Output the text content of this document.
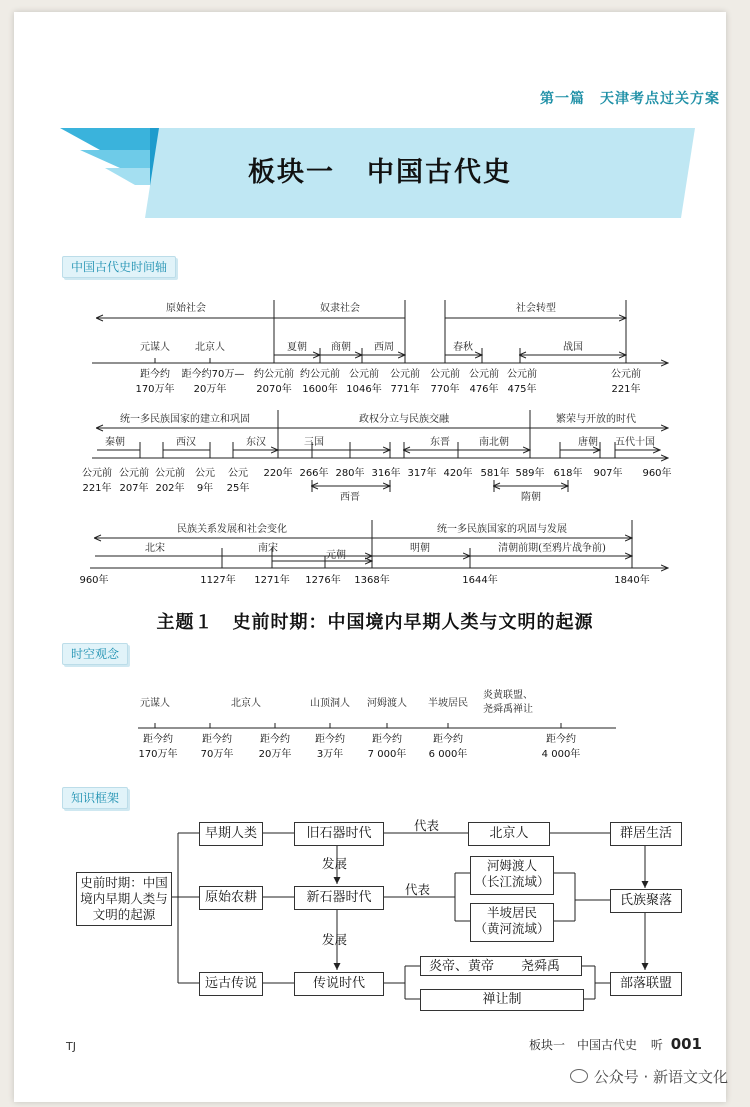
第一篇　天津考点过关方案
板块一 中国古代史
中国古代史时间轴
原始社会	奴隶社会	社会转型
元谋人	北京人	夏朝 商朝 西周	春秋	战国
距今约
170万年
距今约70万—
20万年
约公元前
2070年
约公元前
1600年
公元前
1046年
公元前
771年
公元前
770年
公元前
476年
公元前
475年
公元前
221年
统一多民族国家的建立和巩固	政权分立与民族交融	繁荣与开放的时代
秦朝	西汉	东汉	三国	东晋	南北朝	唐朝 五代十国
西晋	隋朝
公元前
221年
公元前
207年
公元前
202年
公元
9年
公元
25年
220年 266年 280年 316年 317年 420年 581年 589年 618年 907年 960年
民族关系发展和社会变化	统一多民族国家的巩固与发展
北宋	南宋
元朝
明朝	清朝前期(至鸦片战争前)
960年	1127年 1271年 1276年 1368年	1644年	1840年
元谋人	北京人	山顶洞人 河姆渡人 半坡居民
炎黄联盟、
尧舜禹禅让
距今约
170万年
距今约
70万年
距今约
20万年
距今约
3万年
距今约
7 000年
距今约
6 000年
距今约
4 000年
主题１　史前时期：中国境内早期人类与文明的起源
时空观念
知识框架
史前时期：中国
境内早期人类与
文明的起源
早期人类
原始农耕
远古传说
旧石器时代
新石器时代
传说时代
发展
发展
代表
代表
北京人
河姆渡人
（长江流域）
半坡居民
（黄河流域）
炎帝、黄帝 尧舜禹
禅让制
群居生活
氏族聚落
部落联盟
TJ	板块一　中国古代史 听 001
公众号 · 新语文文化
